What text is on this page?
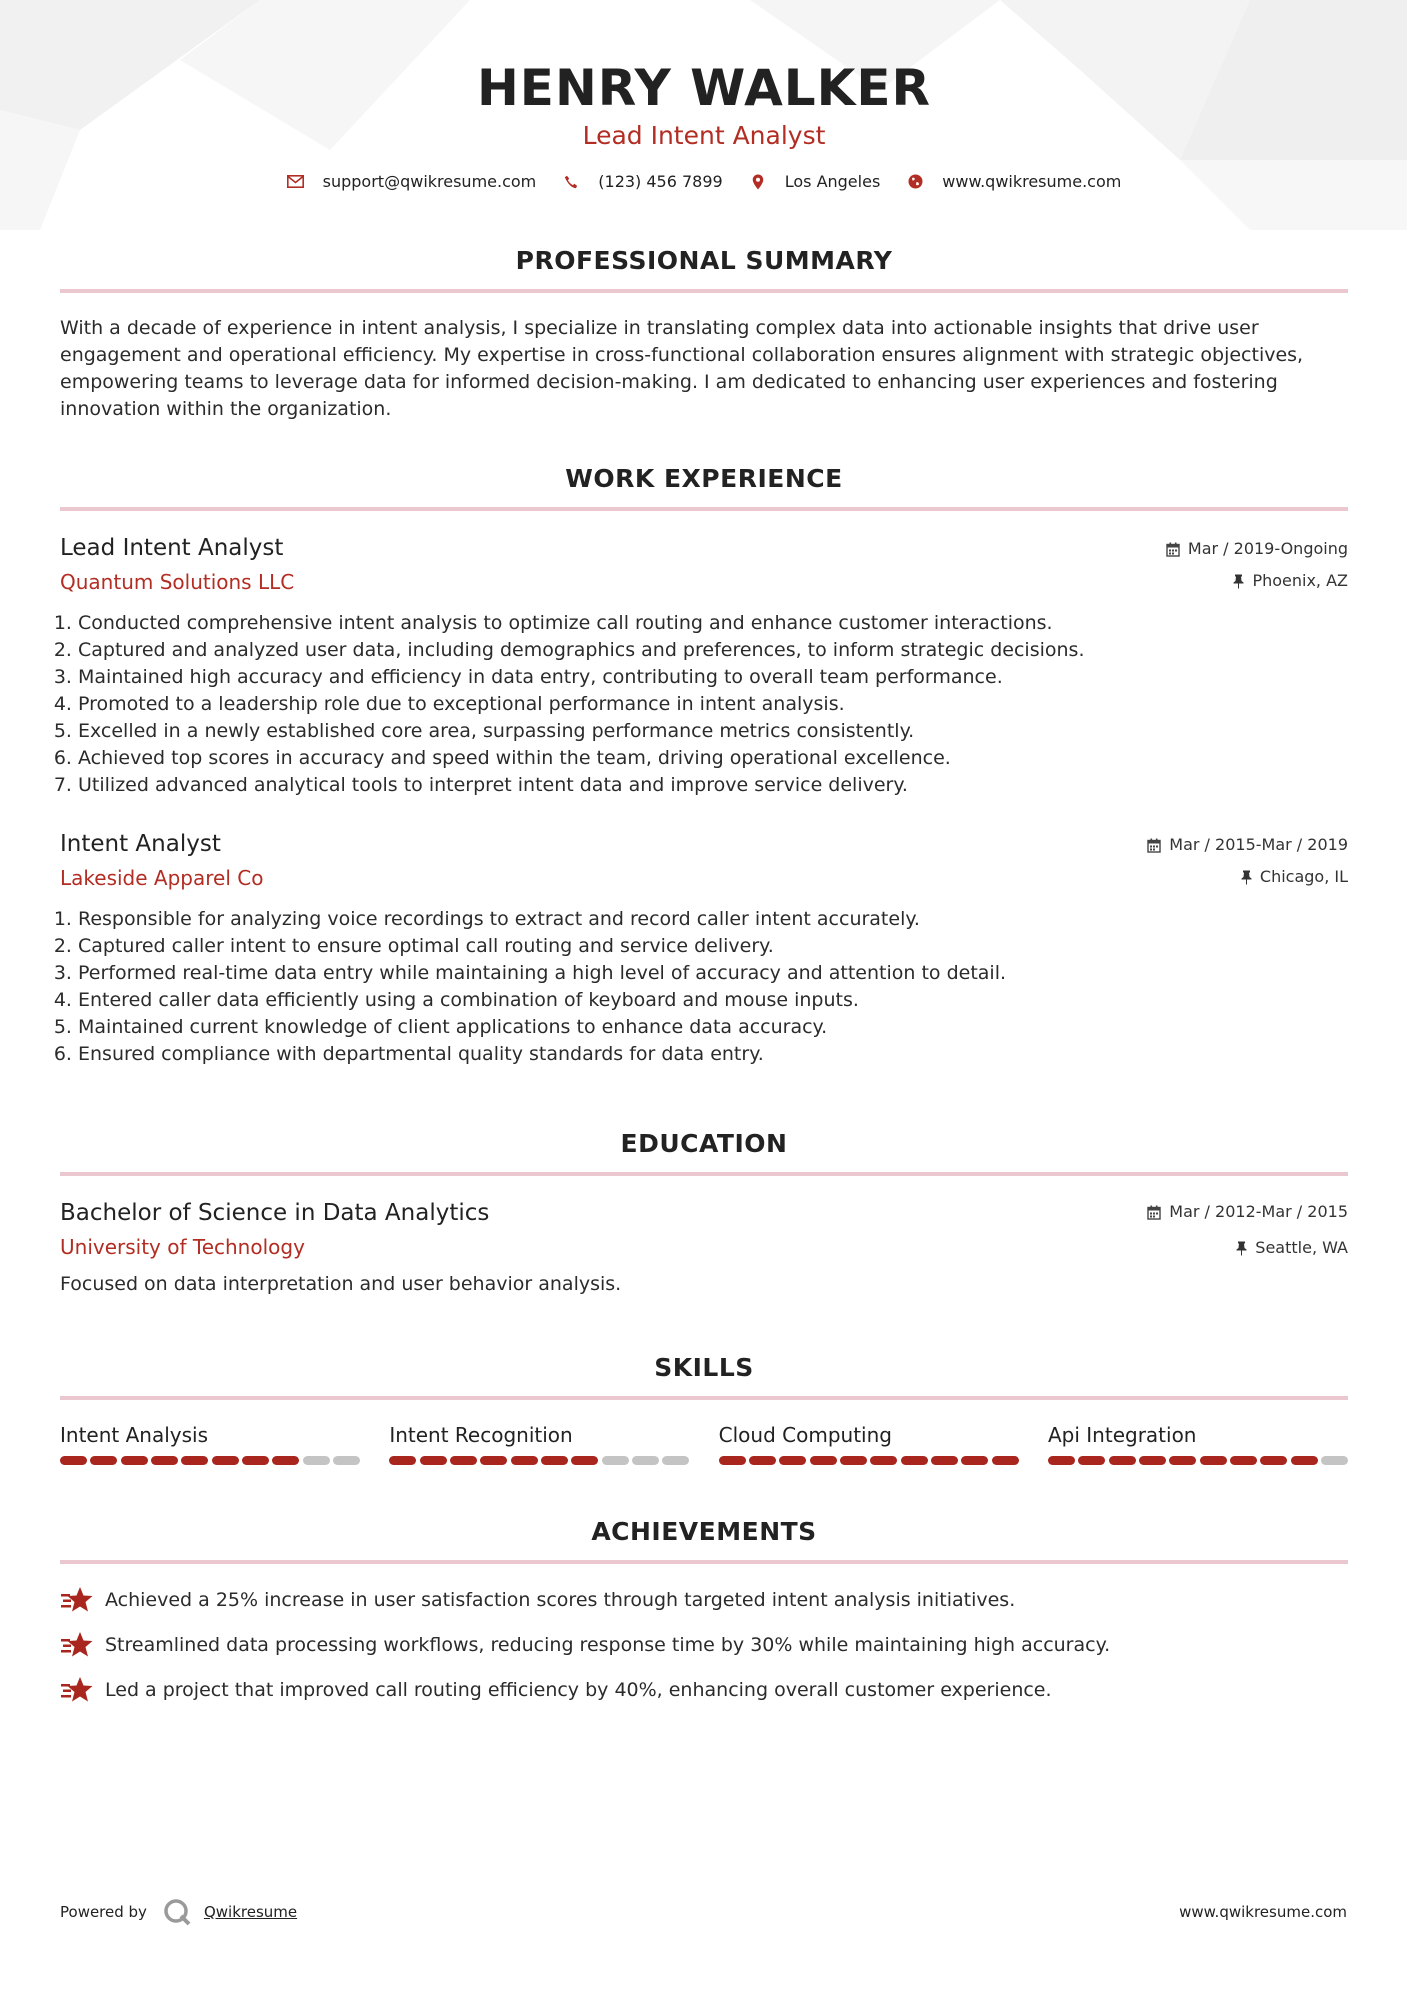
HENRY WALKER
Lead Intent Analyst
support@qwikresume.com	(123) 456 7899	Los Angeles	www.qwikresume.com
PROFESSIONAL SUMMARY
With a decade of experience in intent analysis, I specialize in translating complex data into actionable insights that drive user engagement and operational efficiency. My expertise in cross-functional collaboration ensures alignment with strategic objectives, empowering teams to leverage data for informed decision-making. I am dedicated to enhancing user experiences and fostering innovation within the organization.
WORK EXPERIENCE
Lead Intent Analyst
Quantum Solutions LLC
Mar / 2019-Ongoing
Phoenix, AZ
1. Conducted comprehensive intent analysis to optimize call routing and enhance customer interactions.
2. Captured and analyzed user data, including demographics and preferences, to inform strategic decisions.
3. Maintained high accuracy and efficiency in data entry, contributing to overall team performance.
4. Promoted to a leadership role due to exceptional performance in intent analysis.
5. Excelled in a newly established core area, surpassing performance metrics consistently.
6. Achieved top scores in accuracy and speed within the team, driving operational excellence.
7. Utilized advanced analytical tools to interpret intent data and improve service delivery.
Intent Analyst
Lakeside Apparel Co
Mar / 2015-Mar / 2019
Chicago, IL
1. Responsible for analyzing voice recordings to extract and record caller intent accurately.
2. Captured caller intent to ensure optimal call routing and service delivery.
3. Performed real-time data entry while maintaining a high level of accuracy and attention to detail.
4. Entered caller data efficiently using a combination of keyboard and mouse inputs.
5. Maintained current knowledge of client applications to enhance data accuracy.
6. Ensured compliance with departmental quality standards for data entry.
EDUCATION
Bachelor of Science in Data Analytics
University of Technology
Mar / 2012-Mar / 2015
Seattle, WA
Focused on data interpretation and user behavior analysis.
SKILLS
Intent Analysis	Intent Recognition	Cloud Computing	Api Integration
ACHIEVEMENTS
Achieved a 25% increase in user satisfaction scores through targeted intent analysis initiatives.
Streamlined data processing workflows, reducing response time by 30% while maintaining high accuracy.
Led a project that improved call routing efficiency by 40%, enhancing overall customer experience.
Powered by	Qwikresume	www.qwikresume.com
